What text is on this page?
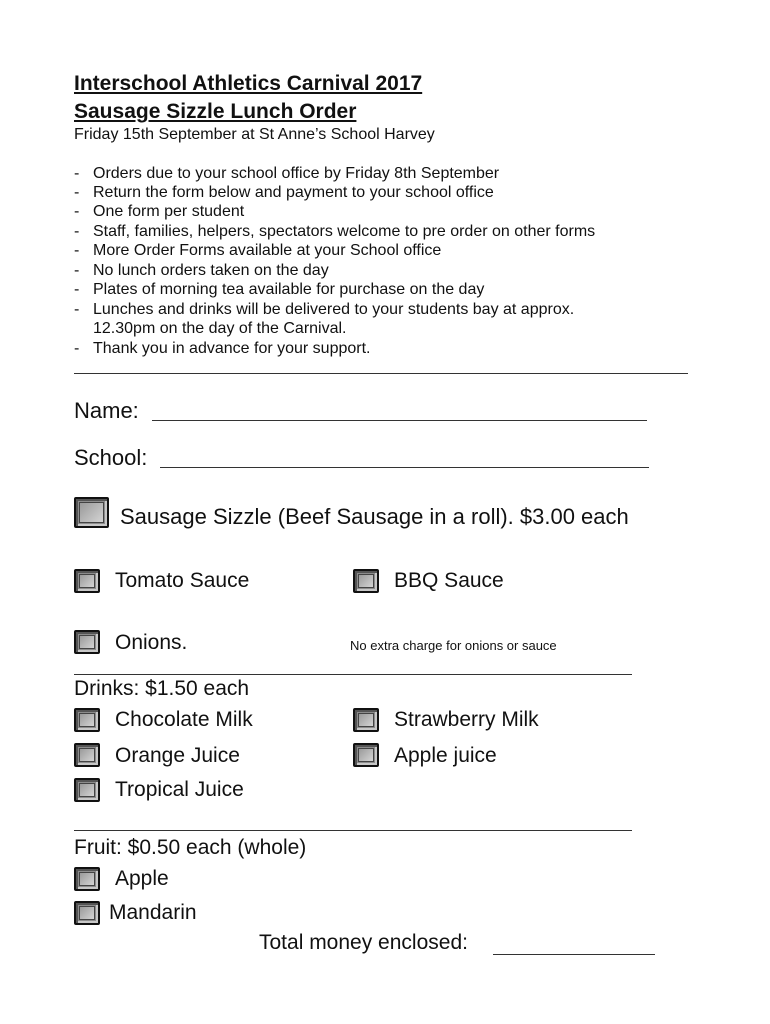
Interschool Athletics Carnival 2017
Sausage Sizzle Lunch Order
Friday 15th September at St Anne’s School Harvey
- Orders due to your school office by Friday 8th September
- Return the form below and payment to your school office
- One form per student
- Staff, families, helpers, spectators welcome to pre order on other forms
- More Order Forms available at your School office
- No lunch orders taken on the day
- Plates of morning tea available for purchase on the day
- Lunches and drinks will be delivered to your students bay at approx.
12.30pm on the day of the Carnival.
- Thank you in advance for your support.
Name:
School:
Sausage Sizzle (Beef Sausage in a roll). $3.00 each
Tomato Sauce	BBQ Sauce
Onions.	No extra charge for onions or sauce
Drinks: $1.50 each
Chocolate Milk	Strawberry Milk
Orange Juice	Apple juice
Tropical Juice
Fruit: $0.50 each (whole)
Apple
Mandarin
Total money enclosed:
